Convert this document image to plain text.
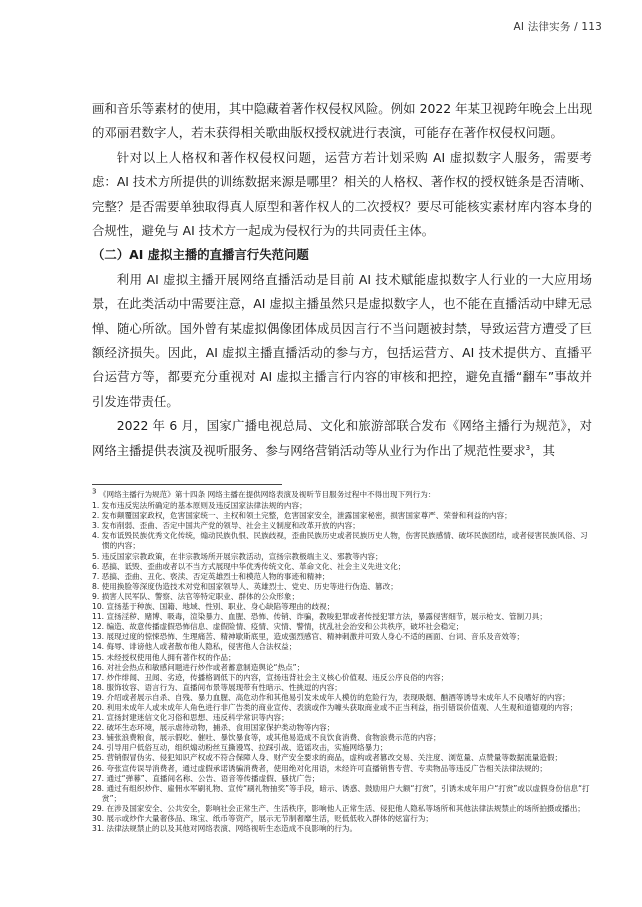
AI 法律实务 / 113

画和音乐等素材的使用，其中隐藏着著作权侵权风险。例如 2022 年某卫视跨年晚会上出现的邓丽君数字人，若未获得相关歌曲版权授权就进行表演，可能存在著作权侵权问题。

针对以上人格权和著作权侵权问题，运营方若计划采购 AI 虚拟数字人服务，需要考虑：AI 技术方所提供的训练数据来源是哪里？相关的人格权、著作权的授权链条是否清晰、完整？是否需要单独取得真人原型和著作权人的二次授权？要尽可能核实素材库内容本身的合规性，避免与 AI 技术方一起成为侵权行为的共同责任主体。

（二）AI 虚拟主播的直播言行失范问题

利用 AI 虚拟主播开展网络直播活动是目前 AI 技术赋能虚拟数字人行业的一大应用场景，在此类活动中需要注意，AI 虚拟主播虽然只是虚拟数字人，也不能在直播活动中肆无忌惮、随心所欲。国外曾有某虚拟偶像团体成员因言行不当问题被封禁，导致运营方遭受了巨额经济损失。因此，AI 虚拟主播直播活动的参与方，包括运营方、AI 技术提供方、直播平台运营方等，都要充分重视对 AI 虚拟主播言行内容的审核和把控，避免直播“翻车”事故并引发连带责任。

2022 年 6 月，国家广播电视总局、文化和旅游部联合发布《网络主播行为规范》，对网络主播提供表演及视听服务、参与网络营销活动等从业行为作出了规范性要求$^3$，其

$^3$ 《网络主播行为规范》第十四条 网络主播在提供网络表演及视听节目服务过程中不得出现下列行为：

1. 发布违反宪法所确定的基本原则及违反国家法律法规的内容；
2. 发布颠覆国家政权，危害国家统一、主权和领土完整，危害国家安全，泄露国家秘密，损害国家尊严、荣誉和利益的内容；
3. 发布削弱、歪曲、否定中国共产党的领导、社会主义制度和改革开放的内容；
4. 发布诋毁民族优秀文化传统，煽动民族仇恨、民族歧视，歪曲民族历史或者民族历史人物，伤害民族感情、破坏民族团结，或者侵害民族风俗、习惯的内容；
5. 违反国家宗教政策，在非宗教场所开展宗教活动，宣扬宗教极端主义、邪教等内容；
6. 恶搞、诋毁、歪曲或者以不当方式展现中华优秀传统文化、革命文化、社会主义先进文化；
7. 恶搞、歪曲、丑化、亵渎、否定英雄烈士和模范人物的事迹和精神；
8. 使用换脸等深度伪造技术对党和国家领导人、英雄烈士、党史、历史等进行伪造、篡改；
9. 损害人民军队、警察、法官等特定职业、群体的公众形象；
10. 宣扬基于种族、国籍、地域、性别、职业、身心缺陷等理由的歧视；
11. 宣扬淫秽、赌博、吸毒，渲染暴力、血腥、恐怖、传销、诈骗，教唆犯罪或者传授犯罪方法，暴露侵害细节，展示枪支、管制刀具；
12. 编造、故意传播虚假恐怖信息、虚假险情、疫情、灾情、警情，扰乱社会治安和公共秩序，破坏社会稳定；
13. 展现过度的惊悚恐怖、生理痛苦、精神歇斯底里，造成强烈感官、精神刺激并可致人身心不适的画面、台词、音乐及音效等；
14. 侮辱、诽谤他人或者散布他人隐私，侵害他人合法权益；
15. 未经授权使用他人拥有著作权的作品；
16. 对社会热点和敏感问题进行炒作或者蓄意制造舆论“热点”；
17. 炒作绯闻、丑闻、劣迹，传播格调低下的内容，宣扬违背社会主义核心价值观、违反公序良俗的内容；
18. 服饰妆容、语言行为、直播间布景等展现带有性暗示、性挑逗的内容；
19. 介绍或者展示自杀、自残、暴力血腥、高危动作和其他易引发未成年人模仿的危险行为，表现吸烟、酗酒等诱导未成年人不良嗜好的内容；
20. 利用未成年人或未成年人角色进行非广告类的商业宣传、表演或作为噱头获取商业或不正当利益，指引错误价值观、人生观和道德观的内容；
21. 宣扬封建迷信文化习俗和思想、违反科学常识等内容；
22. 破坏生态环境，展示虐待动物，捕杀、食用国家保护类动物等内容；
23. 铺张浪费粮食，展示假吃、催吐、暴饮暴食等，或其他易造成不良饮食消费、食物浪费示范的内容；
24. 引导用户低俗互动，组织煽动粉丝互撕谩骂、拉踩引战、造谣攻击，实施网络暴力；
25. 营销假冒伪劣、侵犯知识产权或不符合保障人身、财产安全要求的商品，虚构或者篡改交易、关注度、浏览量、点赞量等数据流量造假；
26. 夸张宣传误导消费者，通过虚假承诺诱骗消费者，使用绝对化用语，未经许可直播销售专营、专卖物品等违反广告相关法律法规的；
27. 通过“弹幕”、直播间名称、公告、语音等传播虚假、骚扰广告；
28. 通过有组织炒作、雇佣水军刷礼物、宣传“刷礼物抽奖”等手段，暗示、诱惑、鼓励用户大额“打赏”，引诱未成年用户“打赏”或以虚假身份信息“打赏”；
29. 在涉及国家安全、公共安全，影响社会正常生产、生活秩序，影响他人正常生活、侵犯他人隐私等场所和其他法律法规禁止的场所拍摄或播出；
30. 展示或炒作大量奢侈品、珠宝、纸币等资产，展示无节制奢靡生活，贬低低收入群体的炫富行为；
31. 法律法规禁止的以及其他对网络表演、网络视听生态造成不良影响的行为。
